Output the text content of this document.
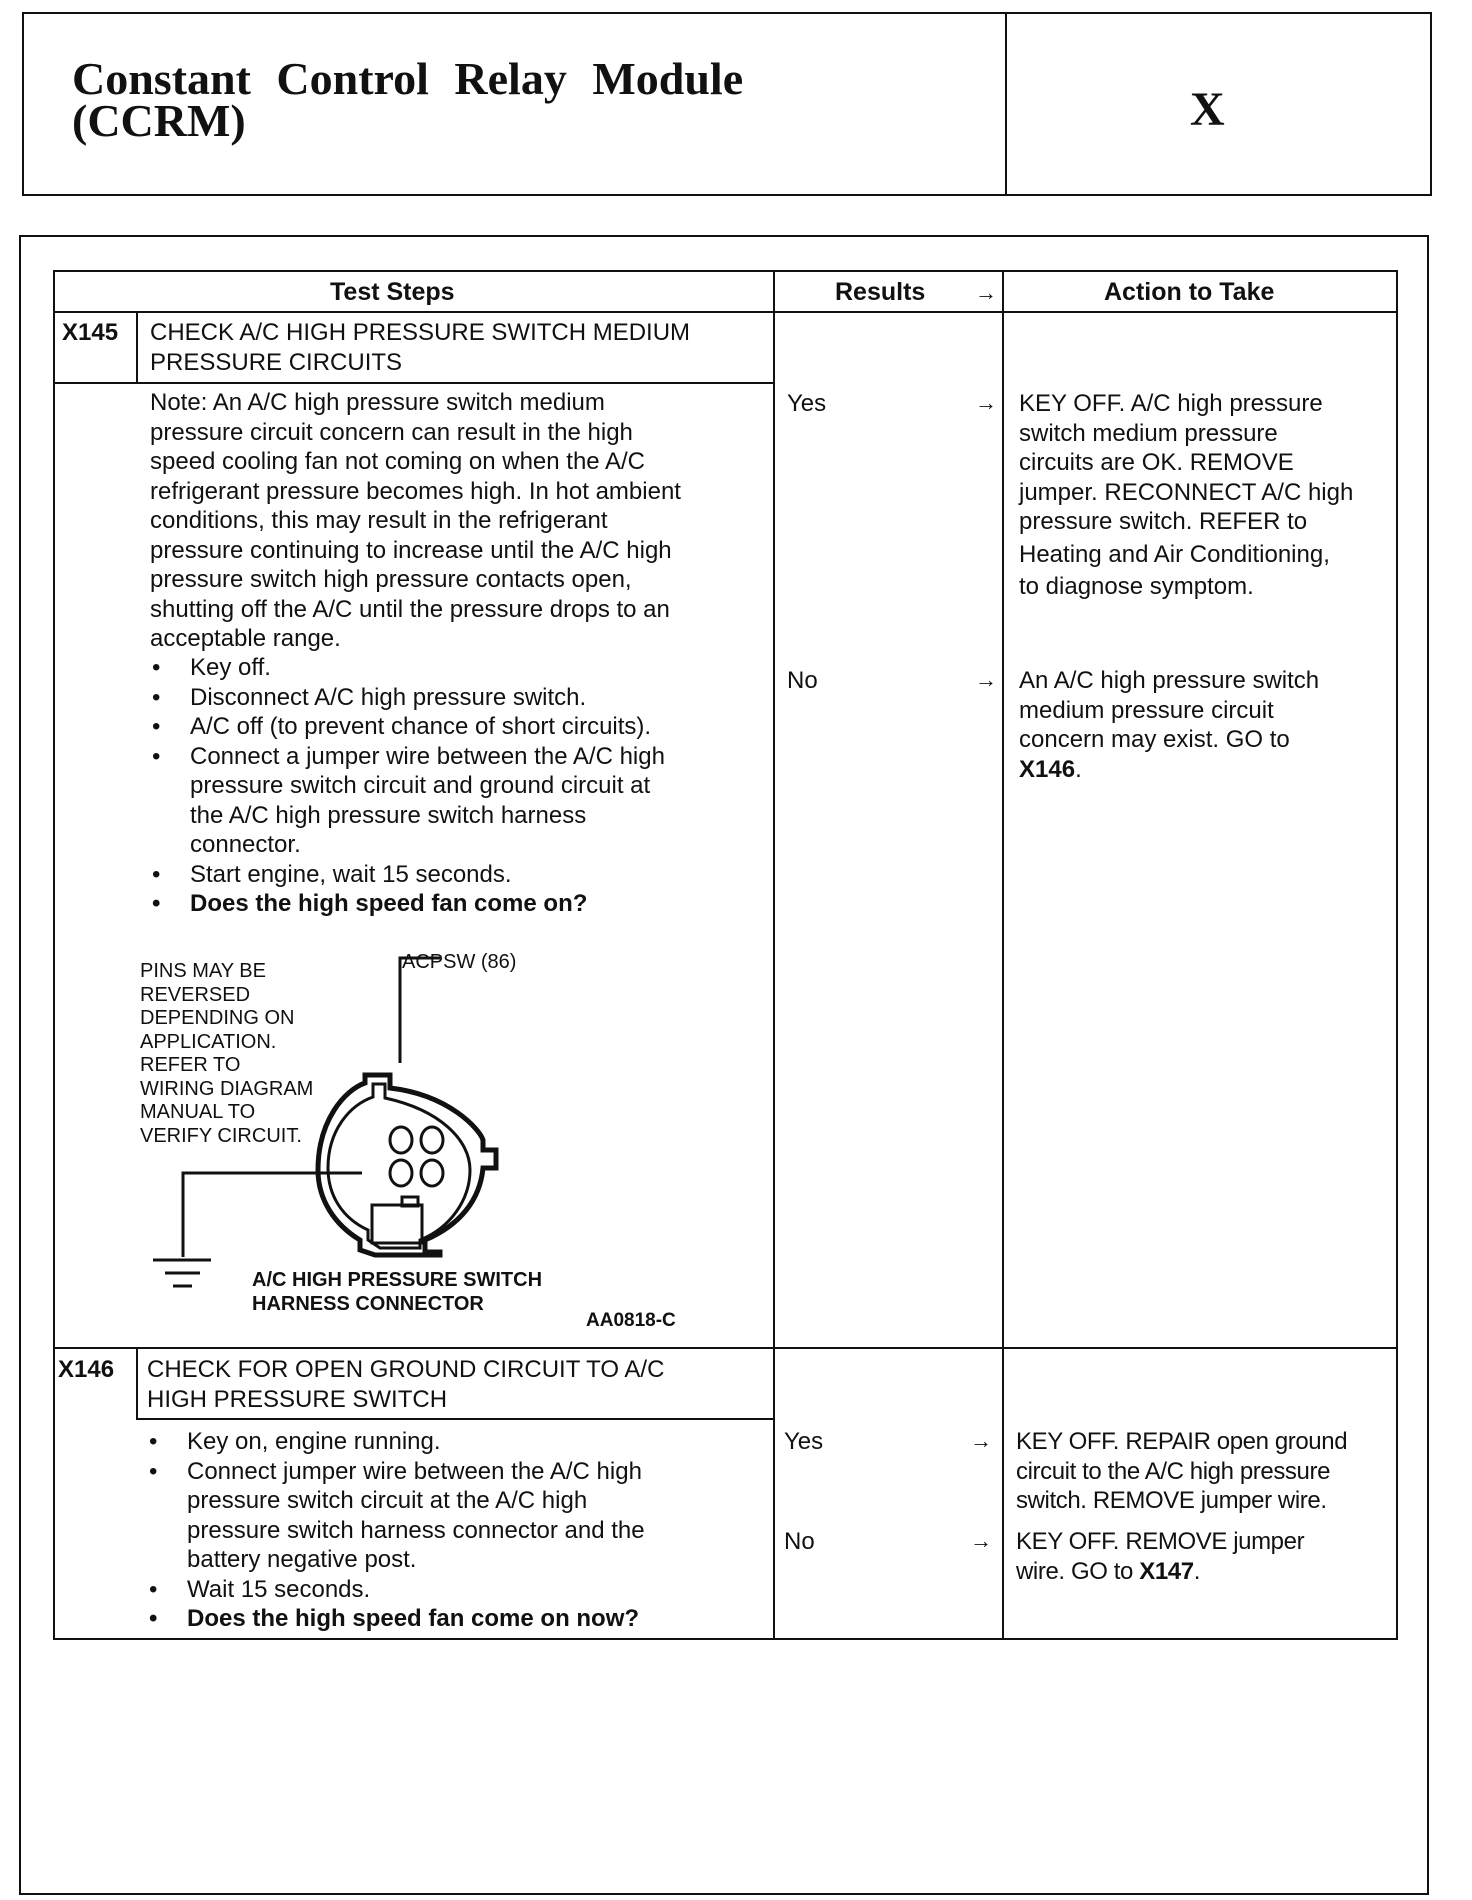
Constant Control Relay Module
(CCRM)	X
Test Steps	Results →	Action to Take
X145 CHECK A/C HIGH PRESSURE SWITCH MEDIUM
PRESSURE CIRCUITS
Note: An A/C high pressure switch medium
pressure circuit concern can result in the high
speed cooling fan not coming on when the A/C
refrigerant pressure becomes high. In hot ambient
conditions, this may result in the refrigerant
pressure continuing to increase until the A/C high
pressure switch high pressure contacts open,
shutting off the A/C until the pressure drops to an
acceptable range.
• Key off.
• Disconnect A/C high pressure switch.
• A/C off (to prevent chance of short circuits).
• Connect a jumper wire between the A/C high
pressure switch circuit and ground circuit at
the A/C high pressure switch harness
connector.
• Start engine, wait 15 seconds.
• Does the high speed fan come on?
Yes	→ KEY OFF. A/C high pressure
switch medium pressure
circuits are OK. REMOVE
jumper. RECONNECT A/C high
pressure switch. REFER to
Heating and Air Conditioning,
to diagnose symptom.
No	→ An A/C high pressure switch
medium pressure circuit
concern may exist. GO to
X146.
PINS MAY BE
REVERSED
DEPENDING ON
APPLICATION.
REFER TO
WIRING DIAGRAM
MANUAL TO
VERIFY CIRCUIT.
ACPSW (86)
A/C HIGH PRESSURE SWITCH
HARNESS CONNECTOR
AA0818-C
X146 CHECK FOR OPEN GROUND CIRCUIT TO A/C
HIGH PRESSURE SWITCH
• Key on, engine running.
• Connect jumper wire between the A/C high
pressure switch circuit at the A/C high
pressure switch harness connector and the
battery negative post.
• Wait 15 seconds.
• Does the high speed fan come on now?
Yes	→ KEY OFF. REPAIR open ground
circuit to the A/C high pressure
switch. REMOVE jumper wire.
No	→ KEY OFF. REMOVE jumper
wire. GO to X147.
